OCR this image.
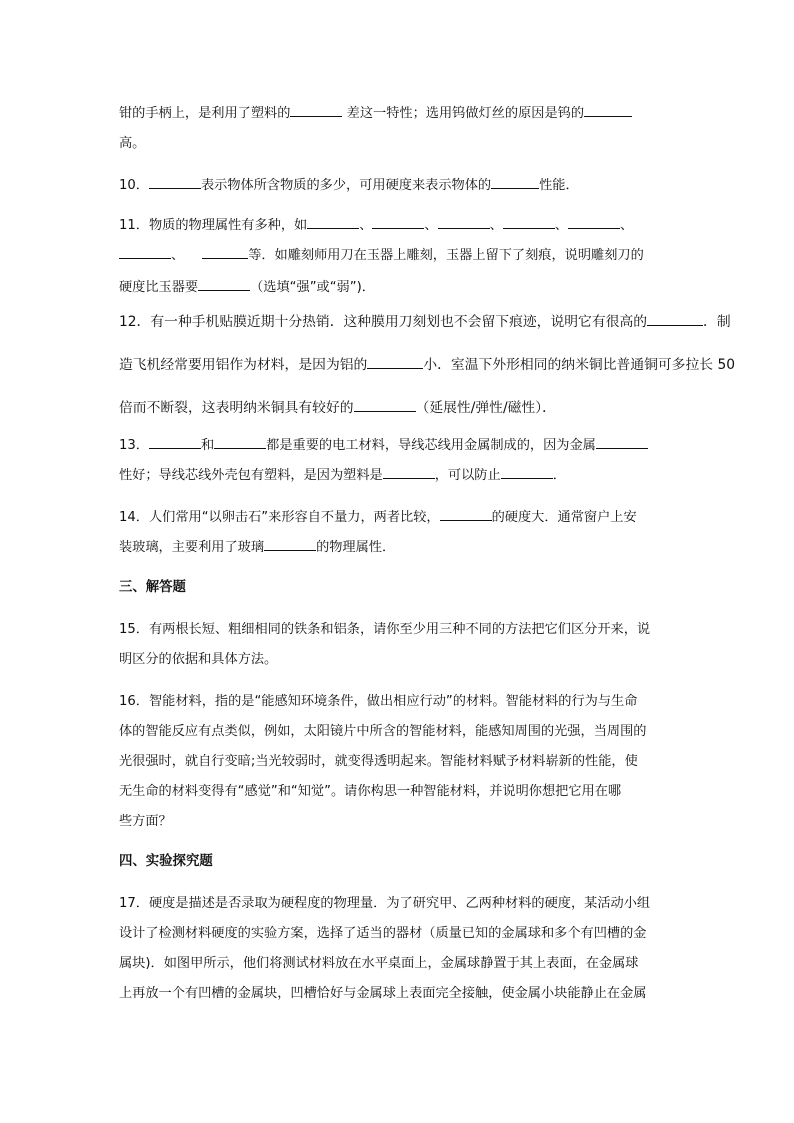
钳的手柄上，是利用了塑料的	差这一特性；选用钨做灯丝的原因是钨的
高。
10．	表示物体所含物质的多少，可用硬度来表示物体的	性能．
11．物质的物理属性有多种，如	、	、	、	、	、
、	等．如雕刻师用刀在玉器上雕刻，玉器上留下了刻痕，说明雕刻刀的
硬度比玉器要	（选填“强”或“弱”)．
12．有一种手机贴膜近期十分热销．这种膜用刀刻划也不会留下痕迹，说明它有很高的	．制
造飞机经常要用铝作为材料，是因为铝的	小．室温下外形相同的纳米铜比普通铜可多拉长 50
倍而不断裂，这表明纳米铜具有较好的	（延展性/弹性/磁性）．
13．	和	都是重要的电工材料，导线芯线用金属制成的，因为金属
性好；导线芯线外壳包有塑料，是因为塑料是	，可以防止	．
14．人们常用“以卵击石”来形容自不量力，两者比较，	的硬度大．通常窗户上安
装玻璃，主要利用了玻璃	的物理属性．
三、解答题
15．有两根长短、粗细相同的铁条和铝条，请你至少用三种不同的方法把它们区分开来，说
明区分的依据和具体方法。
16．智能材料，指的是“能感知环境条件，做出相应行动”的材料。智能材料的行为与生命
体的智能反应有点类似，例如，太阳镜片中所含的智能材料，能感知周围的光强，当周围的
光很强时，就自行变暗;当光较弱时，就变得透明起来。智能材料赋予材料崭新的性能，使
无生命的材料变得有“感觉”和“知觉”。请你构思一种智能材料，并说明你想把它用在哪
些方面？
四、实验探究题
17．硬度是描述是否录取为硬程度的物理量．为了研究甲、乙两种材料的硬度，某活动小组
设计了检测材料硬度的实验方案，选择了适当的器材（质量已知的金属球和多个有凹槽的金
属块)．如图甲所示，他们将测试材料放在水平桌面上，金属球静置于其上表面，在金属球
上再放一个有凹槽的金属块，凹槽恰好与金属球上表面完全接触，使金属小块能静止在金属
